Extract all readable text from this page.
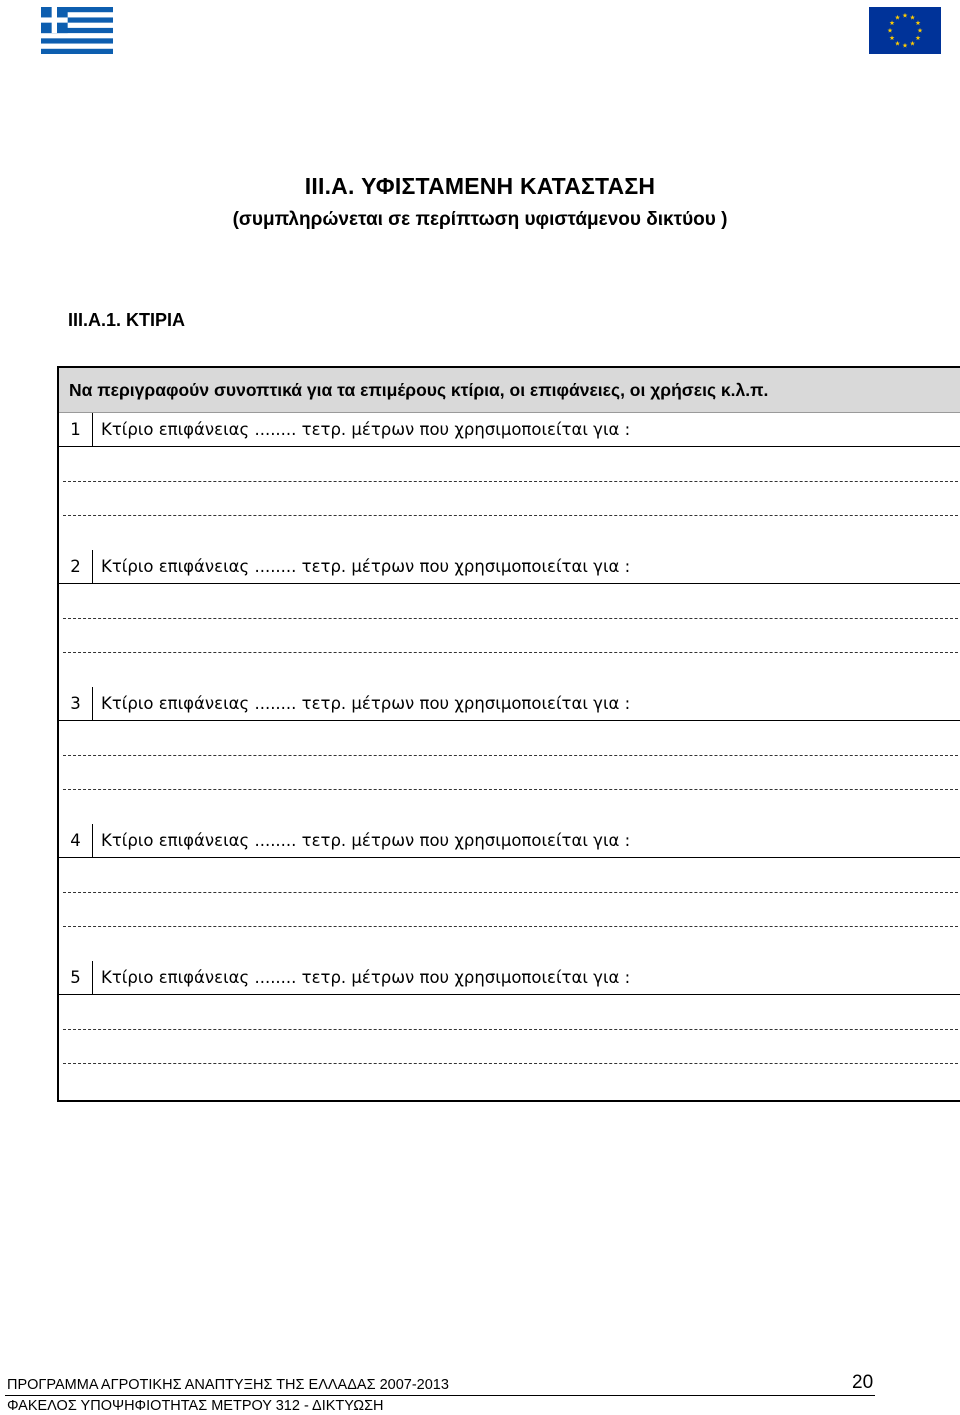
III.A. ΥΦΙΣΤΑΜΕΝΗ ΚΑΤΑΣΤΑΣΗ
(συμπληρώνεται σε περίπτωση υφιστάμενου δικτύου )
III.A.1. ΚΤΙΡΙΑ
Να περιγραφούν συνοπτικά για τα επιμέρους κτίρια, οι επιφάνειες, οι χρήσεις κ.λ.π.
1	Κτίριο επιφάνειας ........ τετρ. μέτρων που χρησιμοποιείται για :
2	Κτίριο επιφάνειας ........ τετρ. μέτρων που χρησιμοποιείται για :
3	Κτίριο επιφάνειας ........ τετρ. μέτρων που χρησιμοποιείται για :
4	Κτίριο επιφάνειας ........ τετρ. μέτρων που χρησιμοποιείται για :
5	Κτίριο επιφάνειας ........ τετρ. μέτρων που χρησιμοποιείται για :
ΠΡΟΓΡΑΜΜΑ ΑΓΡΟΤΙΚΗΣ ΑΝΑΠΤΥΞΗΣ ΤΗΣ ΕΛΛΑΔΑΣ 2007-2013	20
ΦΑΚΕΛΟΣ ΥΠΟΨΗΦΙΟΤΗΤΑΣ ΜΕΤΡΟΥ 312 - ΔΙΚΤΥΩΣΗ
